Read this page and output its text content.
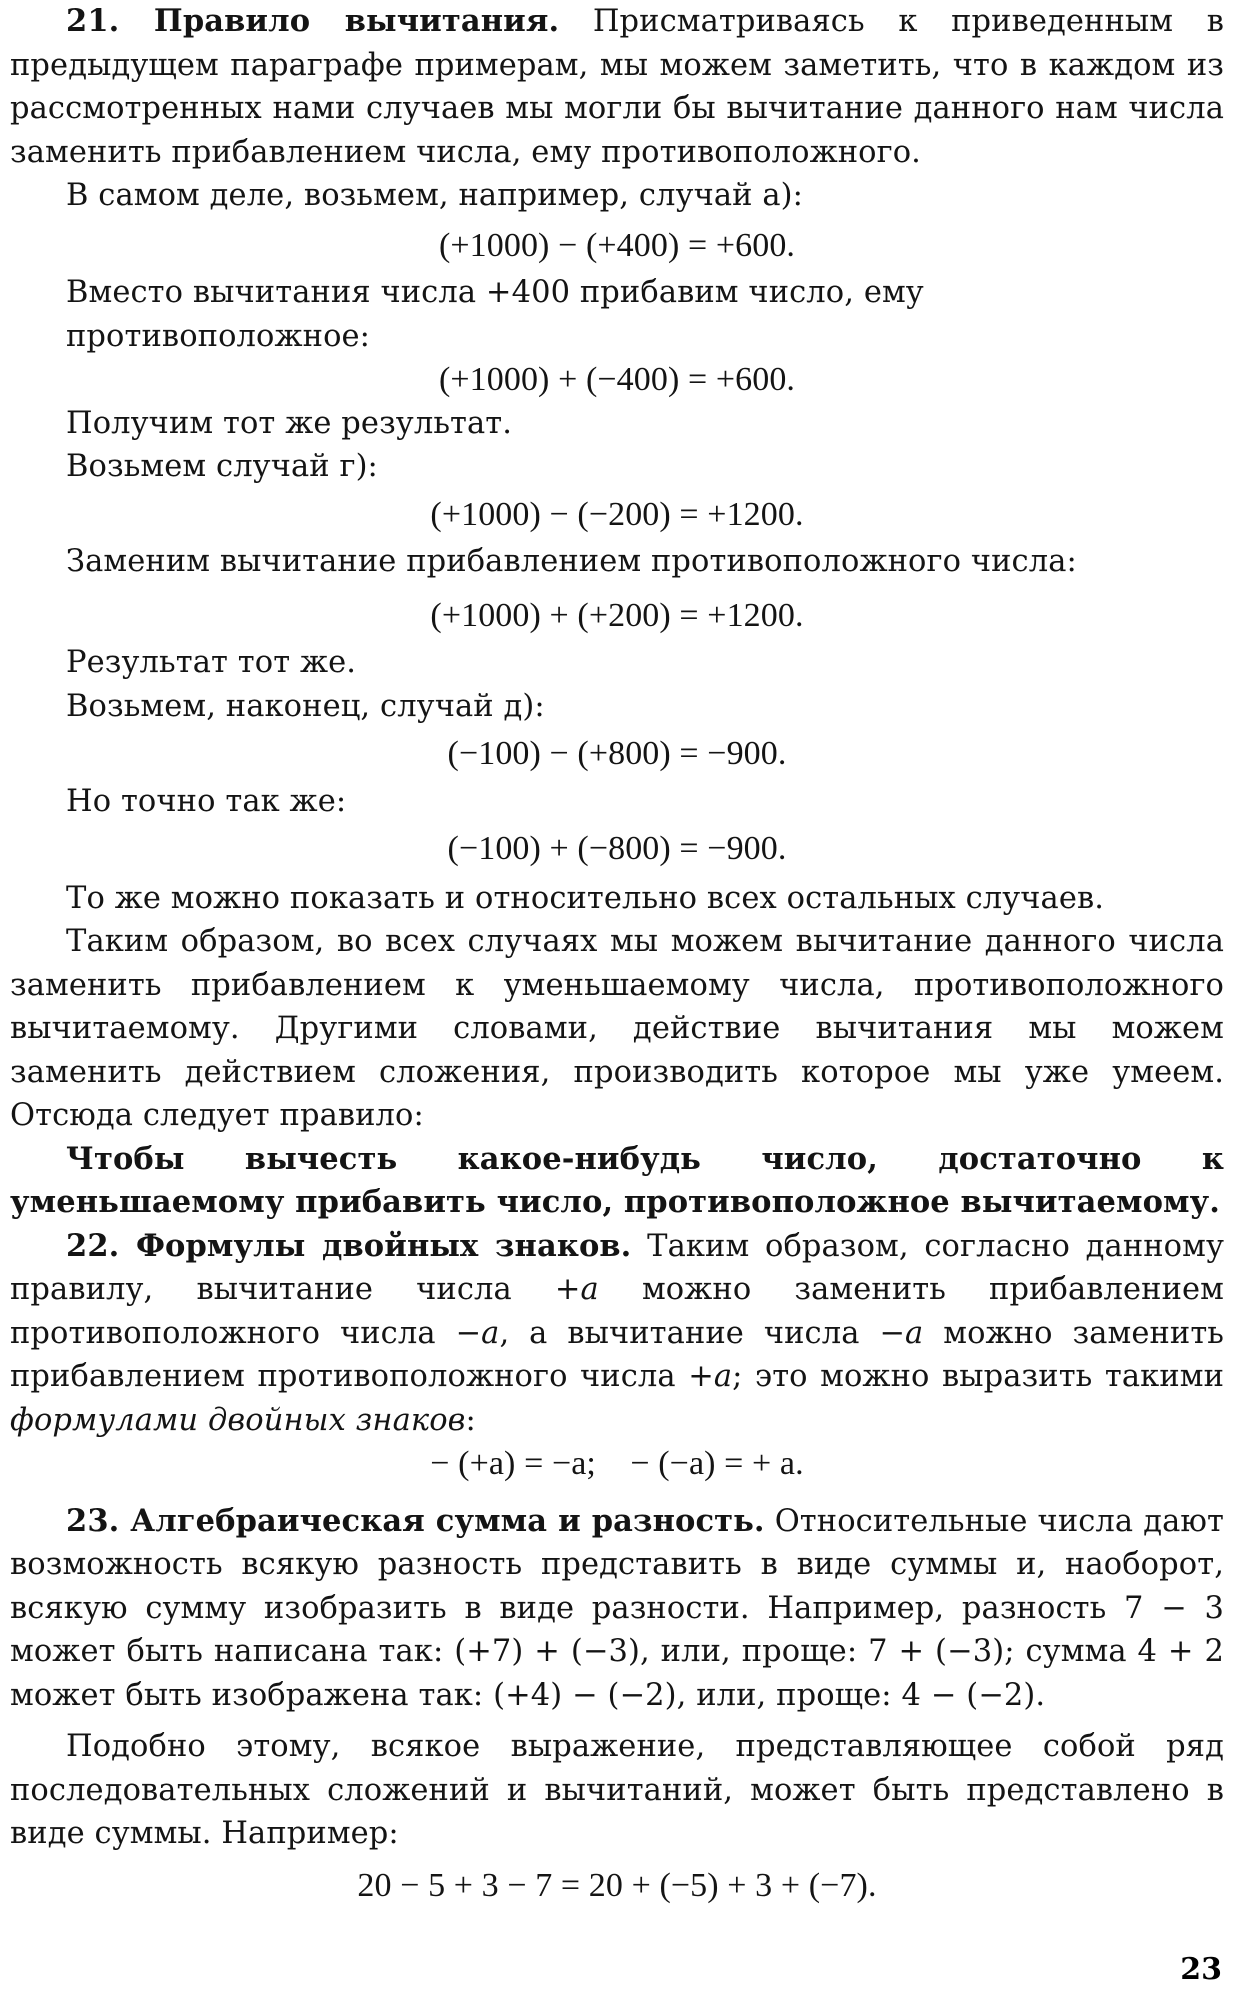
21. Правило вычитания. Присматриваясь к приведенным в предыдущем параграфе примерам, мы можем заметить, что в каждом из рассмотренных нами случаев мы могли бы вычитание данного нам числа заменить прибавлением числа, ему противоположного.

В самом деле, возьмем, например, случай а):

(+1000) − (+400) = +600.

Вместо вычитания числа +400 прибавим число, ему противоположное:

(+1000) + (−400) = +600.

Получим тот же результат.

Возьмем случай г):

(+1000) − (−200) = +1200.

Заменим вычитание прибавлением противоположного числа:

(+1000) + (+200) = +1200.

Результат тот же.

Возьмем, наконец, случай д):

(−100) − (+800) = −900.

Но точно так же:

(−100) + (−800) = −900.

То же можно показать и относительно всех остальных случаев.

Таким образом, во всех случаях мы можем вычитание данного числа заменить прибавлением к уменьшаемому числа, противоположного вычитаемому. Другими словами, действие вычитания мы можем заменить действием сложения, производить которое мы уже умеем. Отсюда следует правило:

Чтобы вычесть какое-нибудь число, достаточно к уменьшаемому прибавить число, противоположное вычитаемому.

22. Формулы двойных знаков. Таким образом, согласно данному правилу, вычитание числа +a можно заменить прибавлением противоположного числа −a, а вычитание числа −a можно заменить прибавлением противоположного числа +a; это можно выразить такими формулами двойных знаков:

− (+a) = −a;    − (−a) = + a.

23. Алгебраическая сумма и разность. Относительные числа дают возможность всякую разность представить в виде суммы и, наоборот, всякую сумму изобразить в виде разности. Например, разность 7 − 3 может быть написана так: (+7) + (−3), или, проще: 7 + (−3); сумма 4 + 2 может быть изображена так: (+4) − (−2), или, проще: 4 − (−2).

Подобно этому, всякое выражение, представляющее собой ряд последовательных сложений и вычитаний, может быть представлено в виде суммы. Например:

20 − 5 + 3 − 7 = 20 + (−5) + 3 + (−7).

23
